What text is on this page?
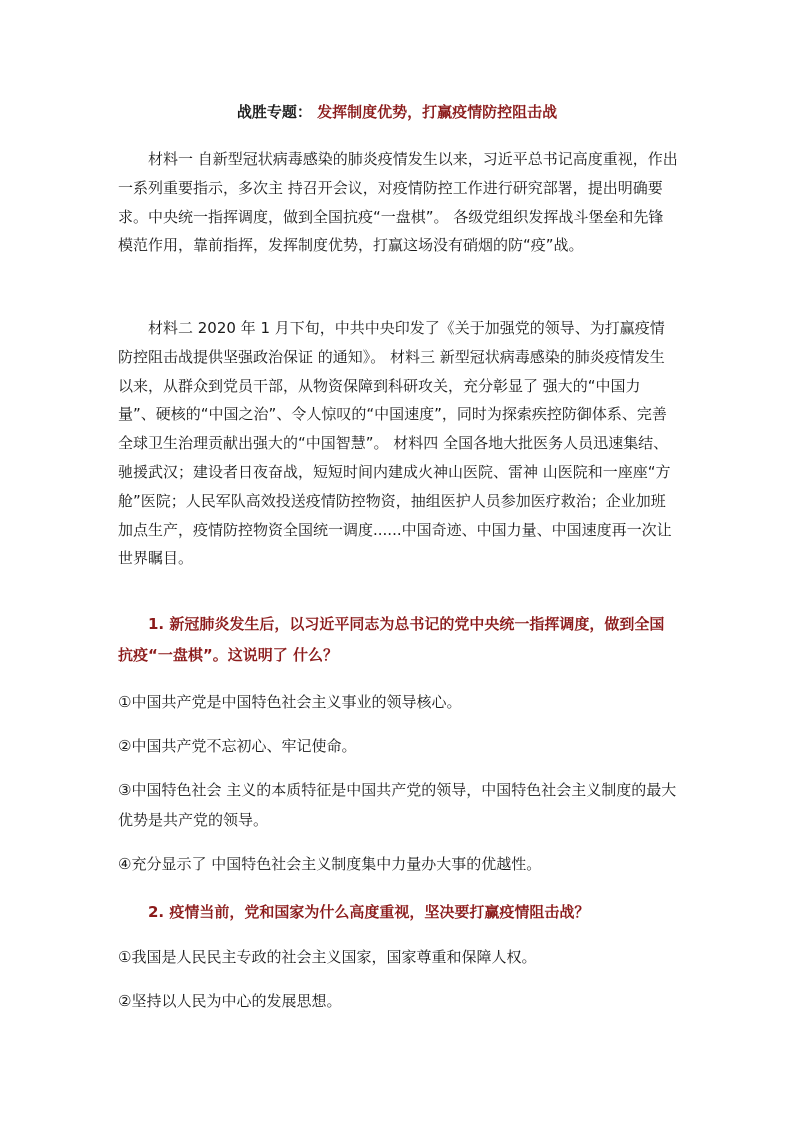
战胜专题： 发挥制度优势，打赢疫情防控阻击战

材料一 自新型冠状病毒感染的肺炎疫情发生以来，习近平总书记高度重视，作出一系列重要指示，多次主 持召开会议，对疫情防控工作进行研究部署，提出明确要求。中央统一指挥调度，做到全国抗疫“一盘棋”。 各级党组织发挥战斗堡垒和先锋模范作用，靠前指挥，发挥制度优势，打赢这场没有硝烟的防“疫”战。

材料二 2020 年 1 月下旬，中共中央印发了《关于加强党的领导、为打赢疫情防控阻击战提供坚强政治保证 的通知》。 材料三 新型冠状病毒感染的肺炎疫情发生以来，从群众到党员干部，从物资保障到科研攻关，充分彰显了 强大的“中国力量”、硬核的“中国之治”、令人惊叹的“中国速度”，同时为探索疾控防御体系、完善 全球卫生治理贡献出强大的“中国智慧”。 材料四 全国各地大批医务人员迅速集结、驰援武汉；建设者日夜奋战，短短时间内建成火神山医院、雷神 山医院和一座座“方舱”医院；人民军队高效投送疫情防控物资，抽组医护人员参加医疗救治；企业加班 加点生产，疫情防控物资全国统一调度......中国奇迹、中国力量、中国速度再一次让世界瞩目。

1. 新冠肺炎发生后，以习近平同志为总书记的党中央统一指挥调度，做到全国抗疫“一盘棋”。这说明了 什么？

①中国共产党是中国特色社会主义事业的领导核心。

②中国共产党不忘初心、牢记使命。

③中国特色社会 主义的本质特征是中国共产党的领导，中国特色社会主义制度的最大优势是共产党的领导。

④充分显示了 中国特色社会主义制度集中力量办大事的优越性。

2. 疫情当前，党和国家为什么高度重视，坚决要打赢疫情阻击战？

①我国是人民民主专政的社会主义国家，国家尊重和保障人权。

②坚持以人民为中心的发展思想。
